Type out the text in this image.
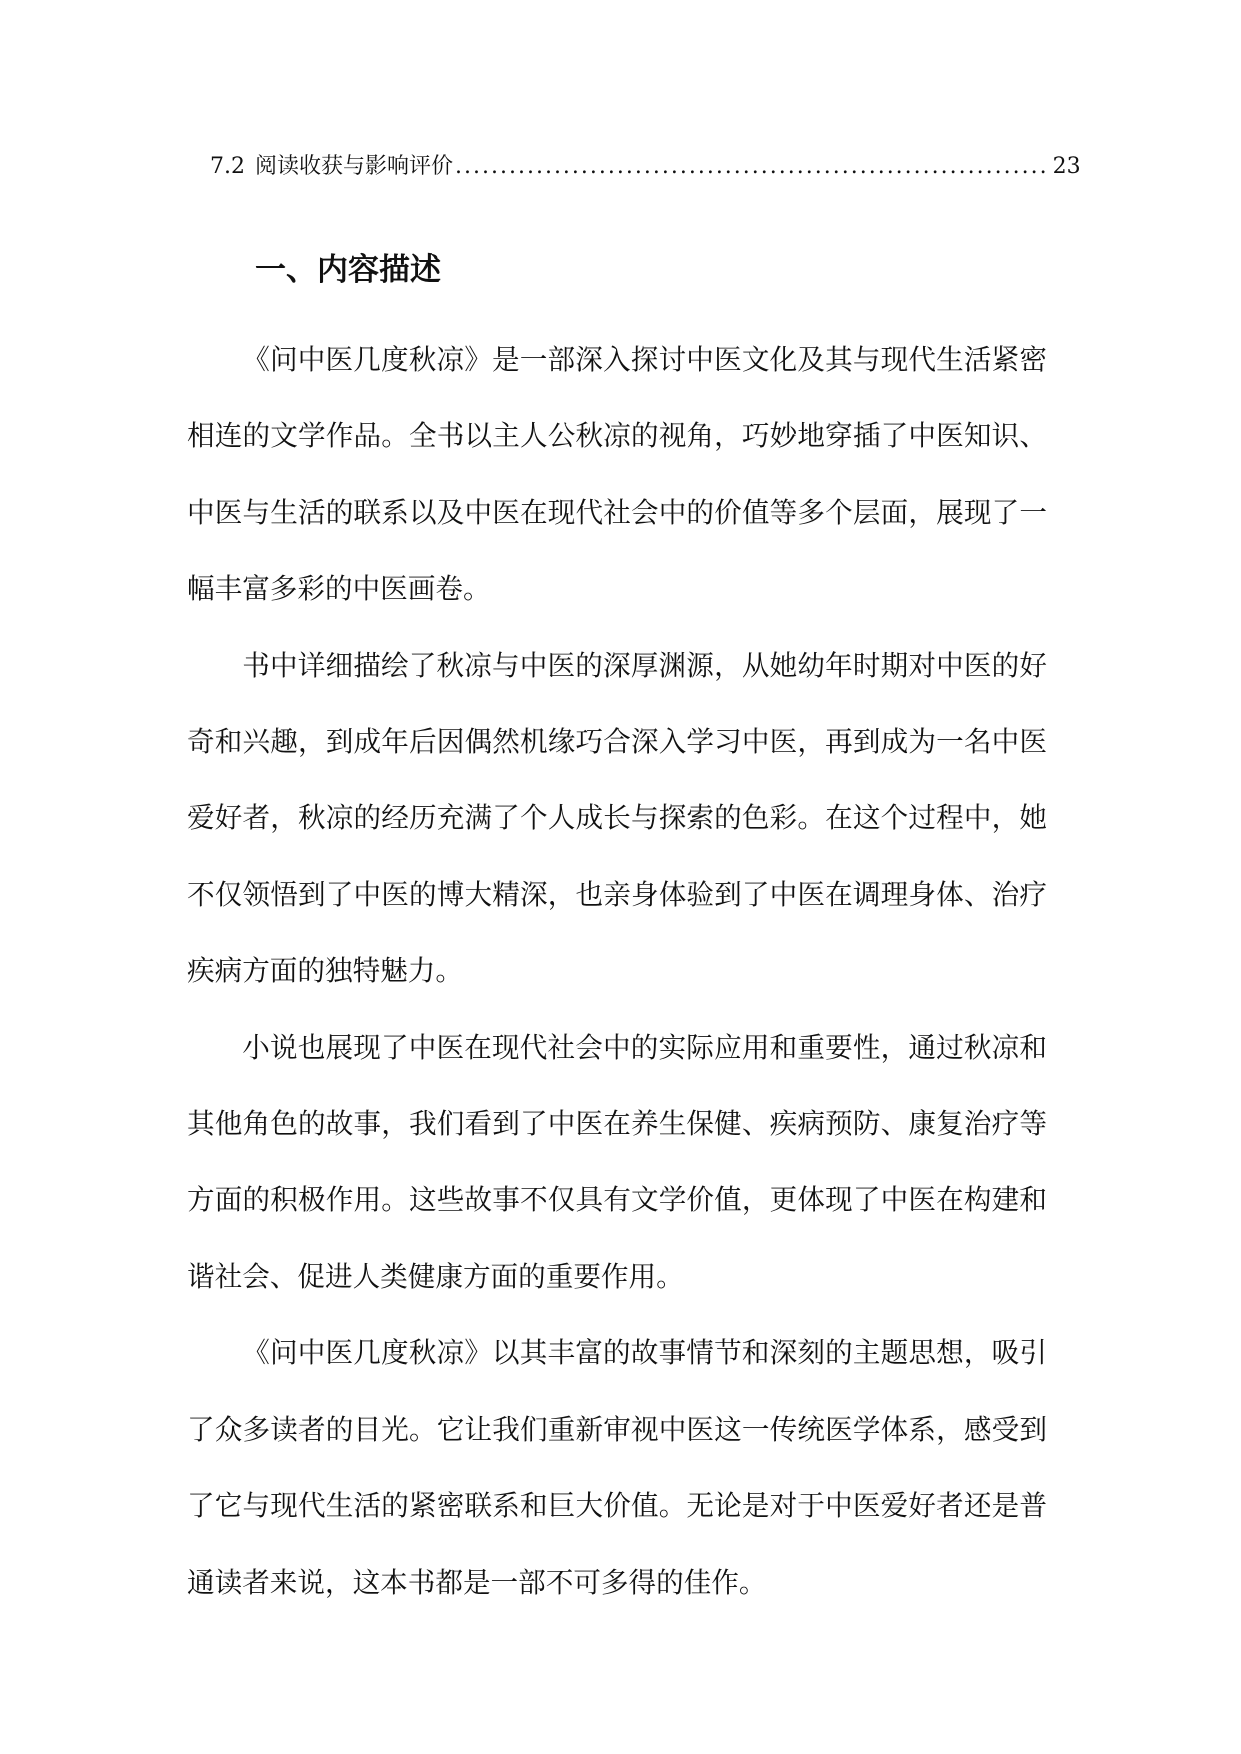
7.2 阅读收获与影响评价 .................................................................. 23
一、内容描述

《问中医几度秋凉》是一部深入探讨中医文化及其与现代生活紧密相连的文学作品。全书以主人公秋凉的视角，巧妙地穿插了中医知识、中医与生活的联系以及中医在现代社会中的价值等多个层面，展现了一幅丰富多彩的中医画卷。

书中详细描绘了秋凉与中医的深厚渊源，从她幼年时期对中医的好奇和兴趣，到成年后因偶然机缘巧合深入学习中医，再到成为一名中医爱好者，秋凉的经历充满了个人成长与探索的色彩。在这个过程中，她不仅领悟到了中医的博大精深，也亲身体验到了中医在调理身体、治疗疾病方面的独特魅力。

小说也展现了中医在现代社会中的实际应用和重要性，通过秋凉和其他角色的故事，我们看到了中医在养生保健、疾病预防、康复治疗等方面的积极作用。这些故事不仅具有文学价值，更体现了中医在构建和谐社会、促进人类健康方面的重要作用。

《问中医几度秋凉》以其丰富的故事情节和深刻的主题思想，吸引了众多读者的目光。它让我们重新审视中医这一传统医学体系，感受到了它与现代生活的紧密联系和巨大价值。无论是对于中医爱好者还是普通读者来说，这本书都是一部不可多得的佳作。
